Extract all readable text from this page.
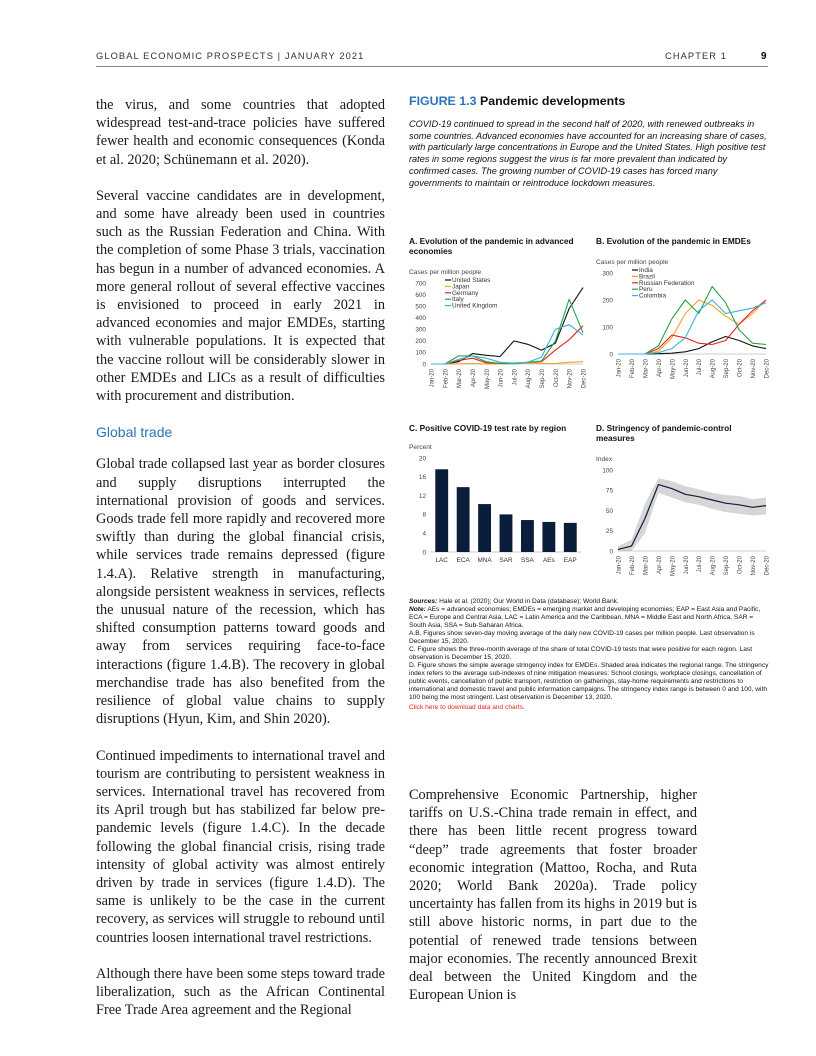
GLOBAL ECONOMIC PROSPECTS | JANUARY 2021	CHAPTER 1	9

the virus, and some countries that adopted widespread test-and-trace policies have suffered fewer health and economic consequences (Konda et al. 2020; Schünemann et al. 2020).

Several vaccine candidates are in development, and some have already been used in countries such as the Russian Federation and China. With the completion of some Phase 3 trials, vaccination has begun in a number of advanced economies. A more general rollout of several effective vaccines is envisioned to proceed in early 2021 in advanced economies and major EMDEs, starting with vulnerable populations. It is expected that the vaccine rollout will be considerably slower in other EMDEs and LICs as a result of difficulties with procurement and distribution.

Global trade

Global trade collapsed last year as border closures and supply disruptions interrupted the international provision of goods and services. Goods trade fell more rapidly and recovered more swiftly than during the global financial crisis, while services trade remains depressed (figure 1.4.A). Relative strength in manufacturing, alongside persistent weakness in services, reflects the unusual nature of the recession, which has shifted consumption patterns toward goods and away from services requiring face-to-face interactions (figure 1.4.B). The recovery in global merchandise trade has also benefited from the resilience of global value chains to supply disruptions (Hyun, Kim, and Shin 2020).

Continued impediments to international travel and tourism are contributing to persistent weakness in services. International travel has recovered from its April trough but has stabilized far below pre-pandemic levels (figure 1.4.C). In the decade following the global financial crisis, rising trade intensity of global activity was almost entirely driven by trade in services (figure 1.4.D). The same is unlikely to be the case in the current recovery, as services will struggle to rebound until countries loosen international travel restrictions.

Although there have been some steps toward trade liberalization, such as the African Continental Free Trade Area agreement and the Regional

Comprehensive Economic Partnership, higher tariffs on U.S.-China trade remain in effect, and there has been little recent progress toward “deep” trade agreements that foster broader economic integration (Mattoo, Rocha, and Ruta 2020; World Bank 2020a). Trade policy uncertainty has fallen from its highs in 2019 but is still above historic norms, in part due to the potential of renewed trade tensions between major economies. The recently announced Brexit deal between the United Kingdom and the European Union is

FIGURE 1.3 Pandemic developments

COVID-19 continued to spread in the second half of 2020, with renewed outbreaks in some countries. Advanced economies have accounted for an increasing share of cases, with particularly large concentrations in Europe and the United States. High positive test rates in some regions suggest the virus is far more prevalent than indicated by confirmed cases. The growing number of COVID-19 cases has forced many governments to maintain or reintroduce lockdown measures.

A. Evolution of the pandemic in advanced economies

Cases per million people
0
100
200
300
400
500
600
700
Jan-20 Feb-20 Mar-20 Apr-20 May-20 Jun-20 Jul-20 Aug-20 Sep-20 Oct-20 Nov-20 Dec-20
United States
Japan
Germany
Italy
United Kingdom

B. Evolution of the pandemic in EMDEs

Cases per million people
0
100
200
300
Jan-20 Feb-20 Mar-20 Apr-20 May-20 Jun-20 Jul-20 Aug-20 Sep-20 Oct-20 Nov-20 Dec-20
India
Brazil
Russian Federation
Peru
Colombia

C. Positive COVID-19 test rate by region

Percent
0
4
8
12
16
20
LAC ECA MNA SAR SSA AEs EAP

D. Stringency of pandemic-control measures

Index
0
25
50
75
100
Jan-20 Feb-20 Mar-20 Apr-20 May-20 Jun-20 Jul-20 Aug-20 Sep-20 Oct-20 Nov-20 Dec-20

Sources: Hale et al. (2020); Our World in Data (database); World Bank.

Note: AEs = advanced economies; EMDEs = emerging market and developing economies; EAP = East Asia and Pacific, ECA = Europe and Central Asia, LAC = Latin America and the Caribbean, MNA = Middle East and North Africa, SAR = South Asia, SSA = Sub-Saharan Africa.

A.B. Figures show seven-day moving average of the daily new COVID-19 cases per million people. Last observation is December 15, 2020.

C. Figure shows the three-month average of the share of total COVID-19 tests that were positive for each region. Last observation is December 15, 2020.

D. Figure shows the simple average stringency index for EMDEs. Shaded area indicates the regional range. The stringency index refers to the average sub-indexes of nine mitigation measures: School closings, workplace closings, cancellation of public events, cancellation of public transport, restriction on gatherings, stay-home requirements and restrictions to international and domestic travel and public information campaigns. The stringency index range is between 0 and 100, with 100 being the most stringent. Last observation is December 13, 2020.

Click here to download data and charts.
